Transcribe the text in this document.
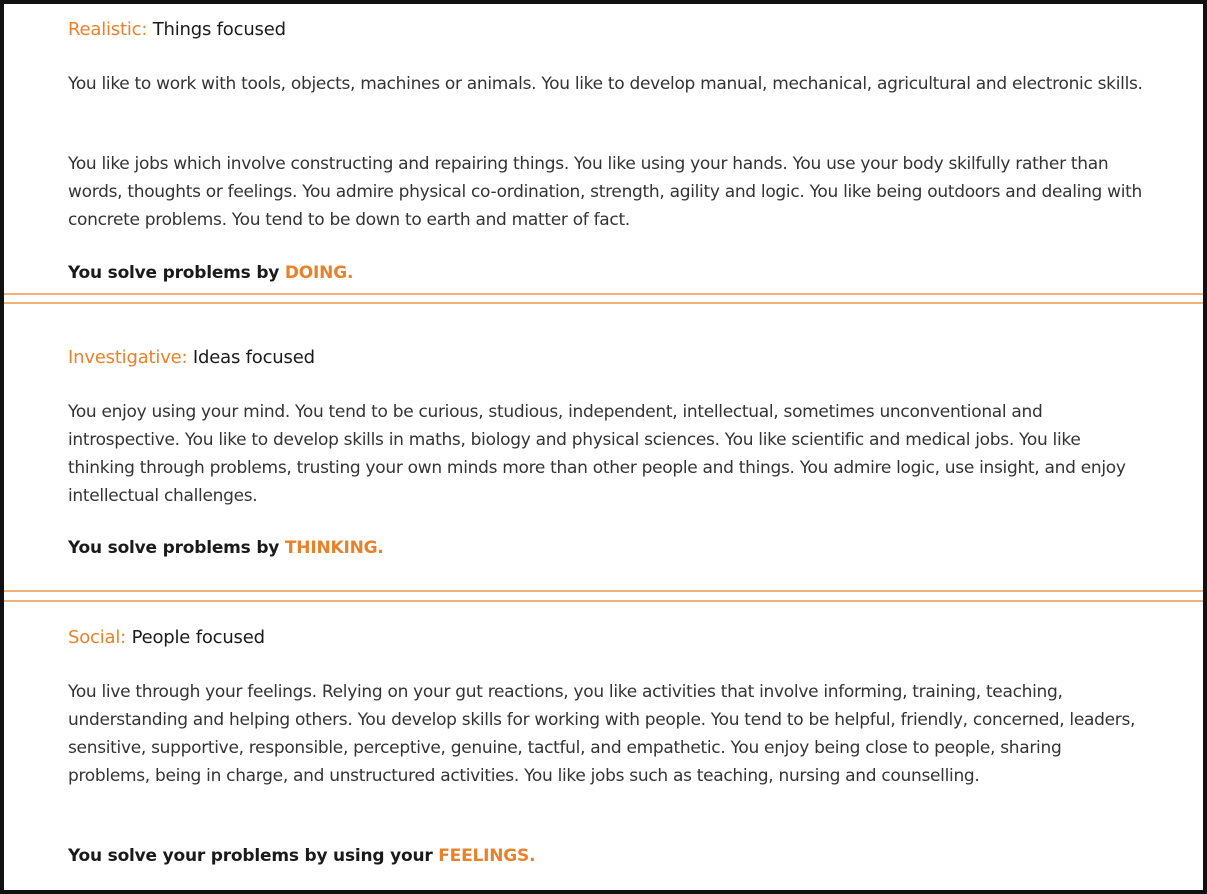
Realistic: Things focused

You like to work with tools, objects, machines or animals. You like to develop manual, mechanical, agricultural and electronic skills.

You like jobs which involve constructing and repairing things. You like using your hands. You use your body skilfully rather than words, thoughts or feelings. You admire physical co-ordination, strength, agility and logic. You like being outdoors and dealing with concrete problems. You tend to be down to earth and matter of fact.

You solve problems by DOING.

Investigative: Ideas focused

You enjoy using your mind. You tend to be curious, studious, independent, intellectual, sometimes unconventional and introspective. You like to develop skills in maths, biology and physical sciences. You like scientific and medical jobs. You like thinking through problems, trusting your own minds more than other people and things. You admire logic, use insight, and enjoy intellectual challenges.

You solve problems by THINKING.

Social: People focused

You live through your feelings. Relying on your gut reactions, you like activities that involve informing, training, teaching, understanding and helping others. You develop skills for working with people. You tend to be helpful, friendly, concerned, leaders, sensitive, supportive, responsible, perceptive, genuine, tactful, and empathetic. You enjoy being close to people, sharing problems, being in charge, and unstructured activities. You like jobs such as teaching, nursing and counselling.

You solve your problems by using your FEELINGS.
